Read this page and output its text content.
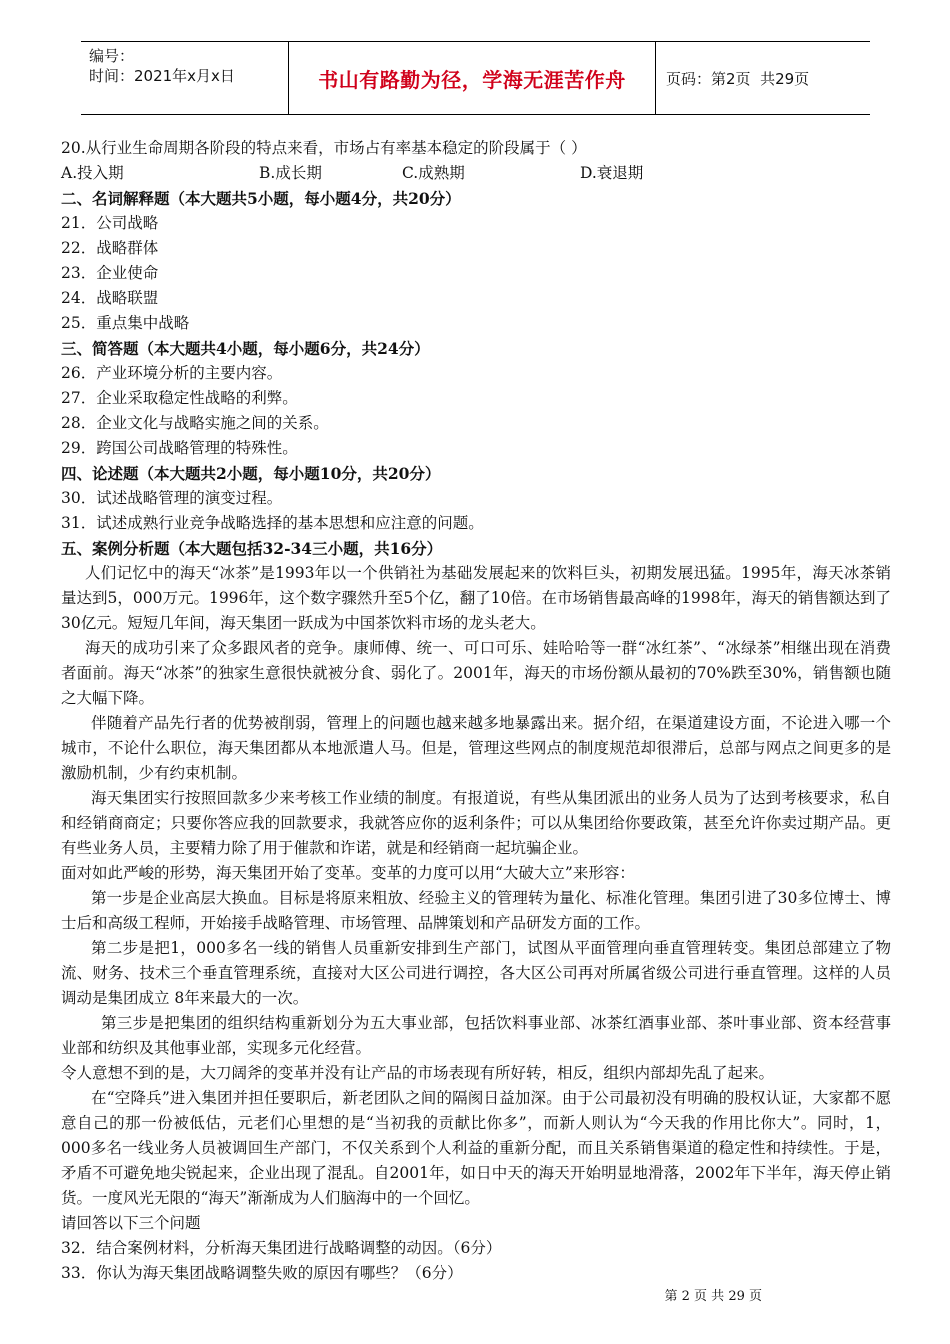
编号：
时间：2021年x月x日	书山有路勤为径，学海无涯苦作舟	页码：第2页  共29页

20.从行业生命周期各阶段的特点来看，市场占有率基本稳定的阶段属于（ ）

A.投入期	B.成长期	C.成熟期	D.衰退期

二、名词解释题（本大题共5小题，每小题4分，共20分）

21．公司战略

22．战略群体

23．企业使命

24．战略联盟

25．重点集中战略

三、简答题（本大题共4小题，每小题6分，共24分）

26．产业环境分析的主要内容。

27．企业采取稳定性战略的利弊。

28．企业文化与战略实施之间的关系。

29．跨国公司战略管理的特殊性。

四、论述题（本大题共2小题，每小题10分，共20分）

30．试述战略管理的演变过程。

31．试述成熟行业竞争战略选择的基本思想和应注意的问题。

五、案例分析题（本大题包括32-34三小题，共16分）

人们记忆中的海天“冰茶”是1993年以一个供销社为基础发展起来的饮料巨头，初期发展迅猛。1995年，海天冰茶销量达到5，000万元。1996年，这个数字骤然升至5个亿，翻了10倍。在市场销售最高峰的1998年，海天的销售额达到了30亿元。短短几年间，海天集团一跃成为中国茶饮料市场的龙头老大。

海天的成功引来了众多跟风者的竞争。康师傅、统一、可口可乐、娃哈哈等一群“冰红茶”、“冰绿茶”相继出现在消费者面前。海天“冰茶”的独家生意很快就被分食、弱化了。2001年，海天的市场份额从最初的70%跌至30%，销售额也随之大幅下降。

伴随着产品先行者的优势被削弱，管理上的问题也越来越多地暴露出来。据介绍，在渠道建设方面，不论进入哪一个城市，不论什么职位，海天集团都从本地派遣人马。但是，管理这些网点的制度规范却很滞后，总部与网点之间更多的是激励机制，少有约束机制。

海天集团实行按照回款多少来考核工作业绩的制度。有报道说，有些从集团派出的业务人员为了达到考核要求，私自和经销商商定；只要你答应我的回款要求，我就答应你的返利条件；可以从集团给你要政策，甚至允许你卖过期产品。更有些业务人员，主要精力除了用于催款和诈诺，就是和经销商一起坑骗企业。

面对如此严峻的形势，海天集团开始了变革。变革的力度可以用“大破大立”来形容：

第一步是企业高层大换血。目标是将原来粗放、经验主义的管理转为量化、标准化管理。集团引进了30多位博士、博士后和高级工程师，开始接手战略管理、市场管理、品牌策划和产品研发方面的工作。

第二步是把1，000多名一线的销售人员重新安排到生产部门，试图从平面管理向垂直管理转变。集团总部建立了物流、财务、技术三个垂直管理系统，直接对大区公司进行调控，各大区公司再对所属省级公司进行垂直管理。这样的人员调动是集团成立 8年来最大的一次。

第三步是把集团的组织结构重新划分为五大事业部，包括饮料事业部、冰茶红酒事业部、茶叶事业部、资本经营事业部和纺织及其他事业部，实现多元化经营。

令人意想不到的是，大刀阔斧的变革并没有让产品的市场表现有所好转，相反，组织内部却先乱了起来。

在“空降兵”进入集团并担任要职后，新老团队之间的隔阂日益加深。由于公司最初没有明确的股权认证，大家都不愿意自己的那一份被低估，元老们心里想的是“当初我的贡献比你多”，而新人则认为“今天我的作用比你大”。同时，1，000多名一线业务人员被调回生产部门，不仅关系到个人利益的重新分配，而且关系销售渠道的稳定性和持续性。于是，矛盾不可避免地尖锐起来，企业出现了混乱。自2001年，如日中天的海天开始明显地滑落，2002年下半年，海天停止销货。一度风光无限的“海天”渐渐成为人们脑海中的一个回忆。

请回答以下三个问题

32．结合案例材料，分析海天集团进行战略调整的动因。（6分）

33．你认为海天集团战略调整失败的原因有哪些？（6分）

第 2 页 共 29 页
